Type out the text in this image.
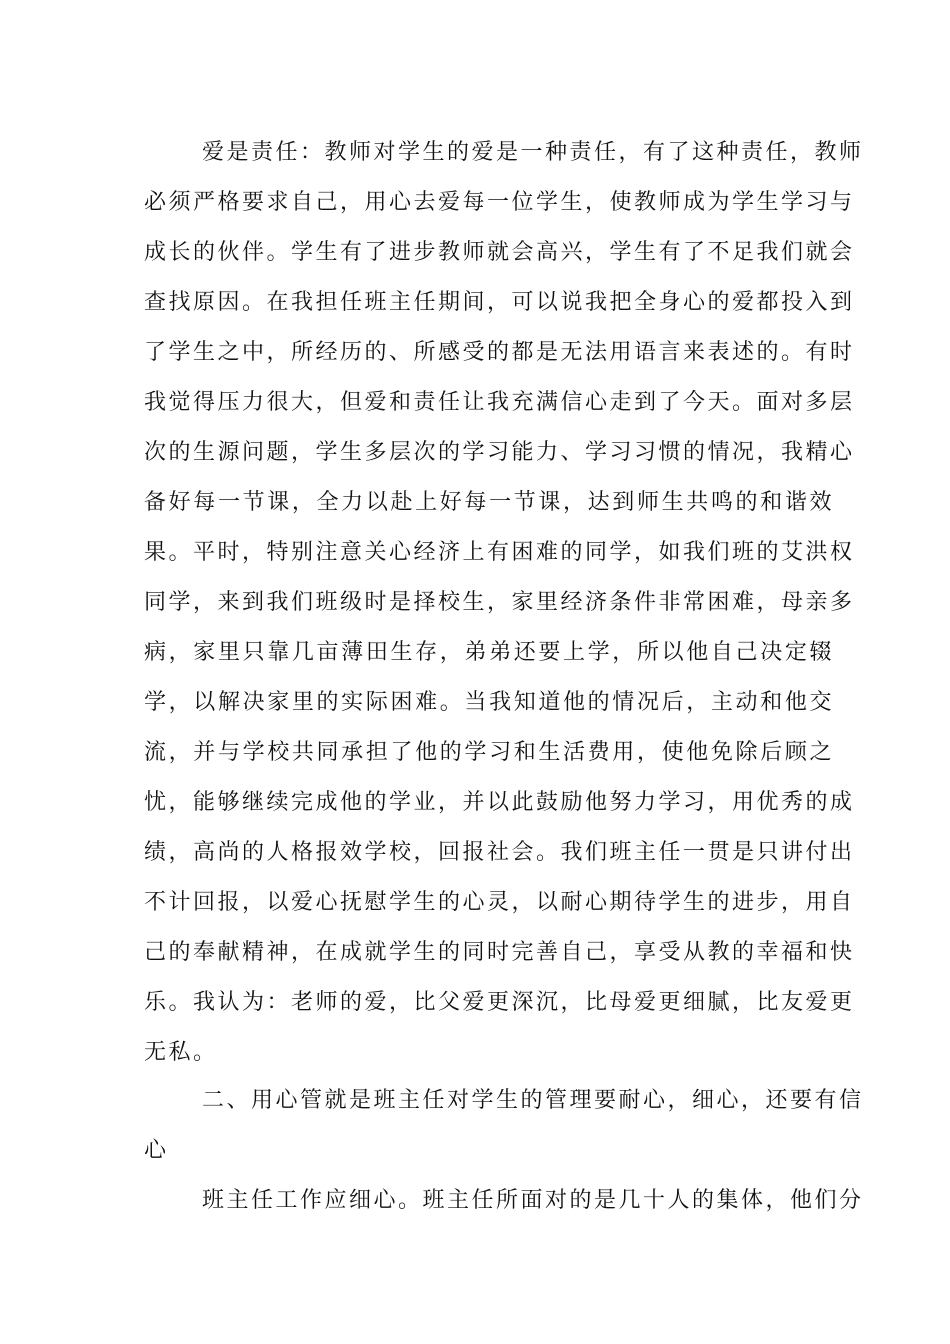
爱是责任：教师对学生的爱是一种责任，有了这种责任，教师
必须严格要求自己，用心去爱每一位学生，使教师成为学生学习与
成长的伙伴。学生有了进步教师就会高兴，学生有了不足我们就会
查找原因。在我担任班主任期间，可以说我把全身心的爱都投入到
了学生之中，所经历的、所感受的都是无法用语言来表述的。有时
我觉得压力很大，但爱和责任让我充满信心走到了今天。面对多层
次的生源问题，学生多层次的学习能力、学习习惯的情况，我精心
备好每一节课，全力以赴上好每一节课，达到师生共鸣的和谐效
果。平时，特别注意关心经济上有困难的同学，如我们班的艾洪权
同学，来到我们班级时是择校生，家里经济条件非常困难，母亲多
病，家里只靠几亩薄田生存，弟弟还要上学，所以他自己决定辍
学，以解决家里的实际困难。当我知道他的情况后，主动和他交
流，并与学校共同承担了他的学习和生活费用，使他免除后顾之
忧，能够继续完成他的学业，并以此鼓励他努力学习，用优秀的成
绩，高尚的人格报效学校，回报社会。我们班主任一贯是只讲付出
不计回报，以爱心抚慰学生的心灵，以耐心期待学生的进步，用自
己的奉献精神，在成就学生的同时完善自己，享受从教的幸福和快
乐。我认为：老师的爱，比父爱更深沉，比母爱更细腻，比友爱更
无私。
二、用心管就是班主任对学生的管理要耐心，细心，还要有信
心
班主任工作应细心。班主任所面对的是几十人的集体，他们分
